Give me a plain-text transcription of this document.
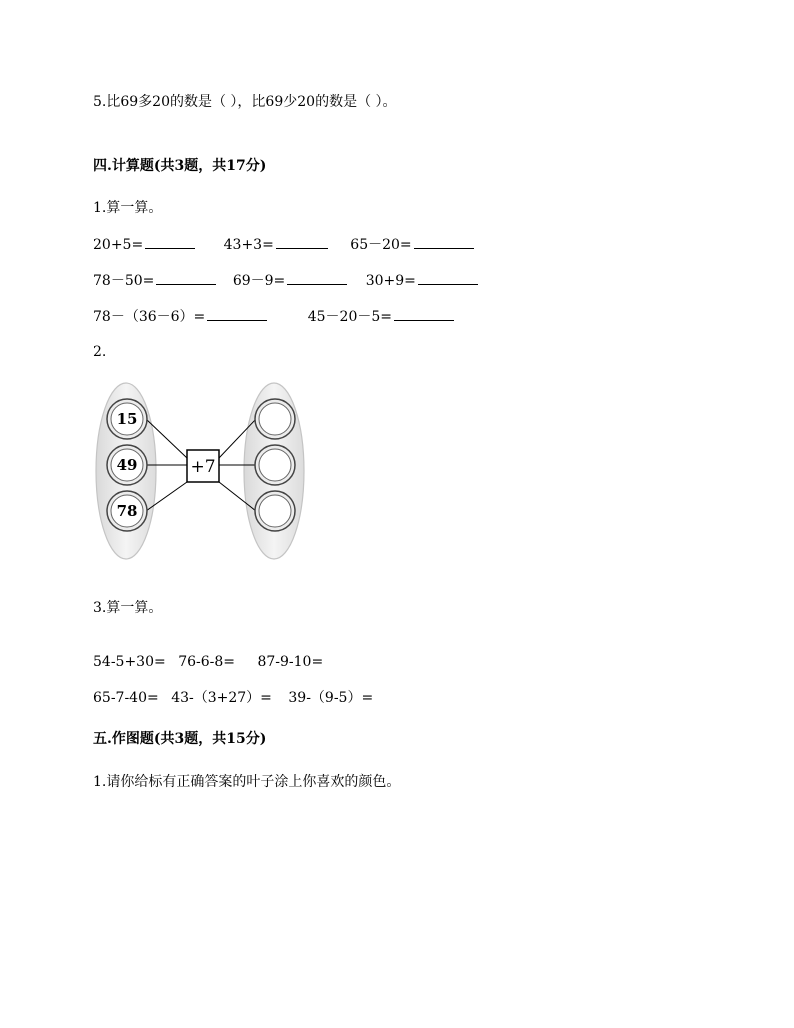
5.比69多20的数是（ ），比69少20的数是（ ）。
四.计算题(共3题，共17分)
1.算一算。
20+5=	43+3=	65－20=
78－50=	69－9=	30+9=
78－（36－6）=	45－20－5=
2.
15
49
78
+7
3.算一算。
54-5+30= 76-6-8= 87-9-10=
65-7-40= 43-（3+27）= 39-（9-5）=
五.作图题(共3题，共15分)
1.请你给标有正确答案的叶子涂上你喜欢的颜色。
